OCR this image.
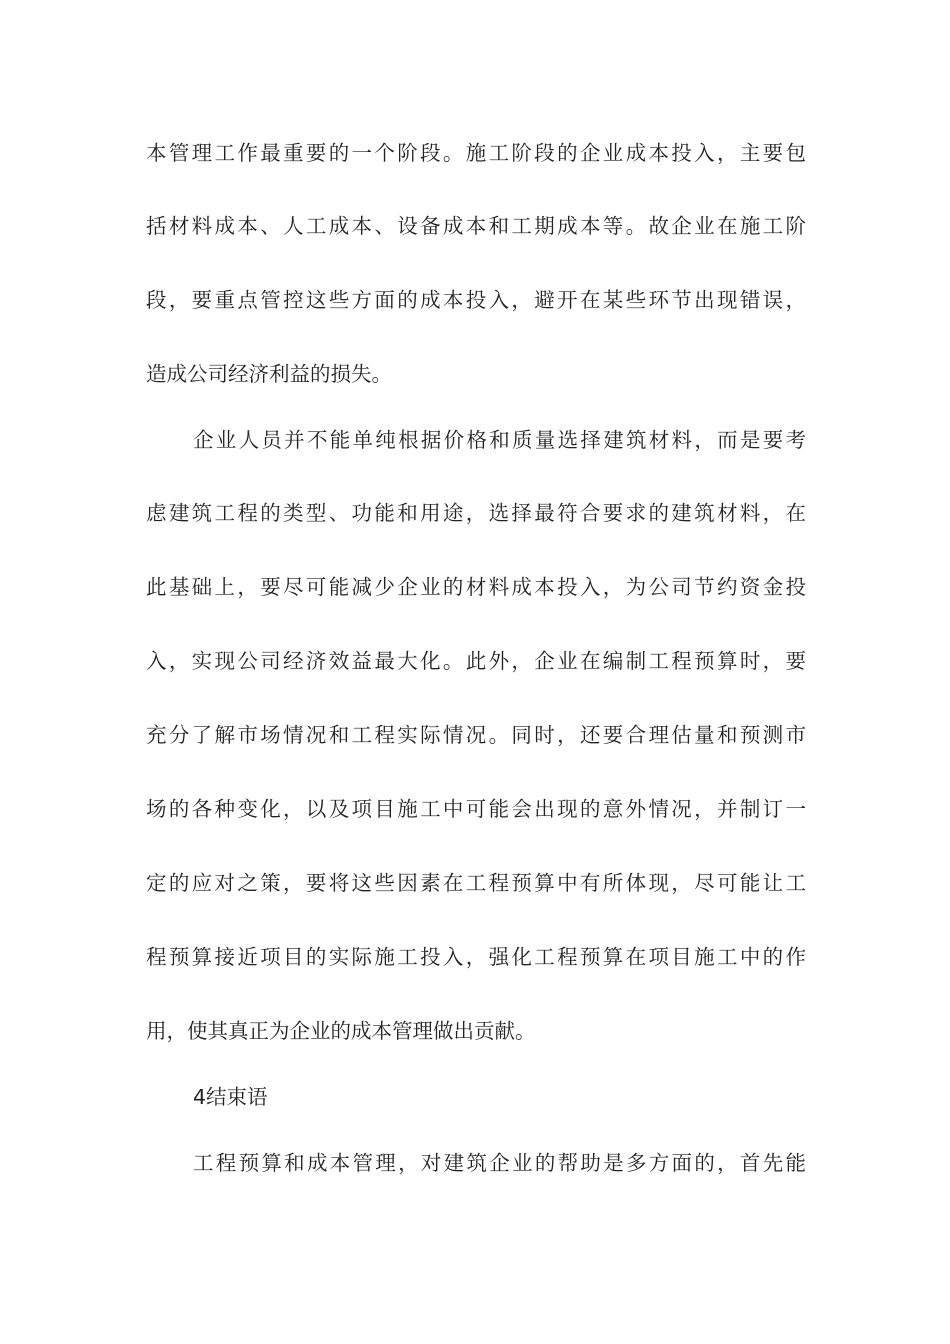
本管理工作最重要的一个阶段。施工阶段的企业成本投入，主要包
括材料成本、人工成本、设备成本和工期成本等。故企业在施工阶
段，要重点管控这些方面的成本投入，避开在某些环节出现错误，
造成公司经济利益的损失。
企业人员并不能单纯根据价格和质量选择建筑材料，而是要考
虑建筑工程的类型、功能和用途，选择最符合要求的建筑材料，在
此基础上，要尽可能减少企业的材料成本投入，为公司节约资金投
入，实现公司经济效益最大化。此外，企业在编制工程预算时，要
充分了解市场情况和工程实际情况。同时，还要合理估量和预测市
场的各种变化，以及项目施工中可能会出现的意外情况，并制订一
定的应对之策，要将这些因素在工程预算中有所体现，尽可能让工
程预算接近项目的实际施工投入，强化工程预算在项目施工中的作
用，使其真正为企业的成本管理做出贡献。
4结束语
工程预算和成本管理，对建筑企业的帮助是多方面的，首先能
